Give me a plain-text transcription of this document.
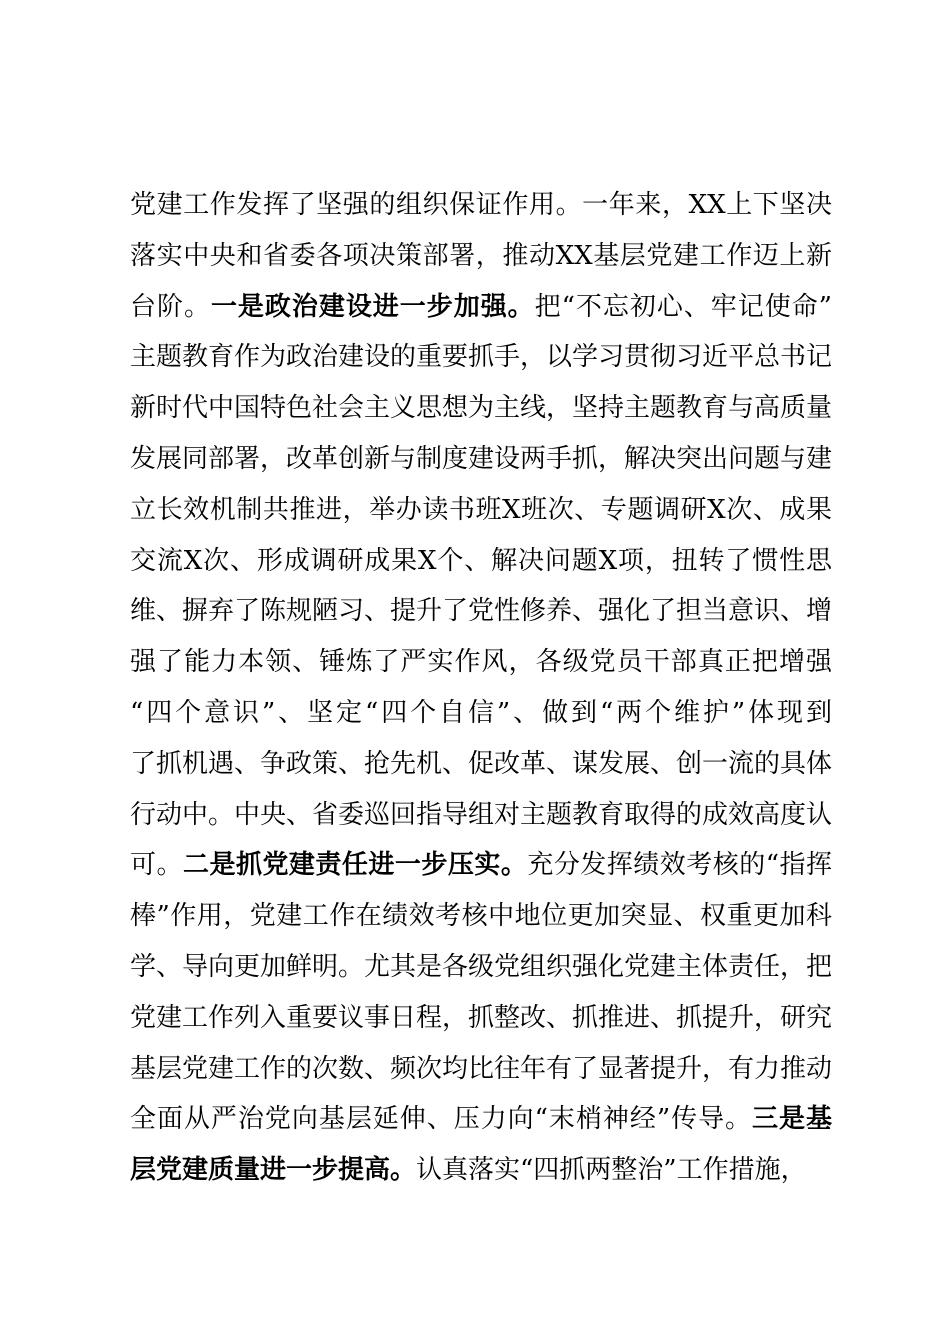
党建工作发挥了坚强的组织保证作用。一年来，XX上下坚决
落实中央和省委各项决策部署，推动XX基层党建工作迈上新
台阶。一是政治建设进一步加强。把“不忘初心、牢记使命”
主题教育作为政治建设的重要抓手，以学习贯彻习近平总书记
新时代中国特色社会主义思想为主线，坚持主题教育与高质量
发展同部署，改革创新与制度建设两手抓，解决突出问题与建
立长效机制共推进，举办读书班X班次、专题调研X次、成果
交流X次、形成调研成果X个、解决问题X项，扭转了惯性思
维、摒弃了陈规陋习、提升了党性修养、强化了担当意识、增
强了能力本领、锤炼了严实作风，各级党员干部真正把增强
“四个意识”、坚定“四个自信”、做到“两个维护”体现到
了抓机遇、争政策、抢先机、促改革、谋发展、创一流的具体
行动中。中央、省委巡回指导组对主题教育取得的成效高度认
可。二是抓党建责任进一步压实。充分发挥绩效考核的“指挥
棒”作用，党建工作在绩效考核中地位更加突显、权重更加科
学、导向更加鲜明。尤其是各级党组织强化党建主体责任，把
党建工作列入重要议事日程，抓整改、抓推进、抓提升，研究
基层党建工作的次数、频次均比往年有了显著提升，有力推动
全面从严治党向基层延伸、压力向“末梢神经”传导。三是基
层党建质量进一步提高。认真落实“四抓两整治”工作措施，
